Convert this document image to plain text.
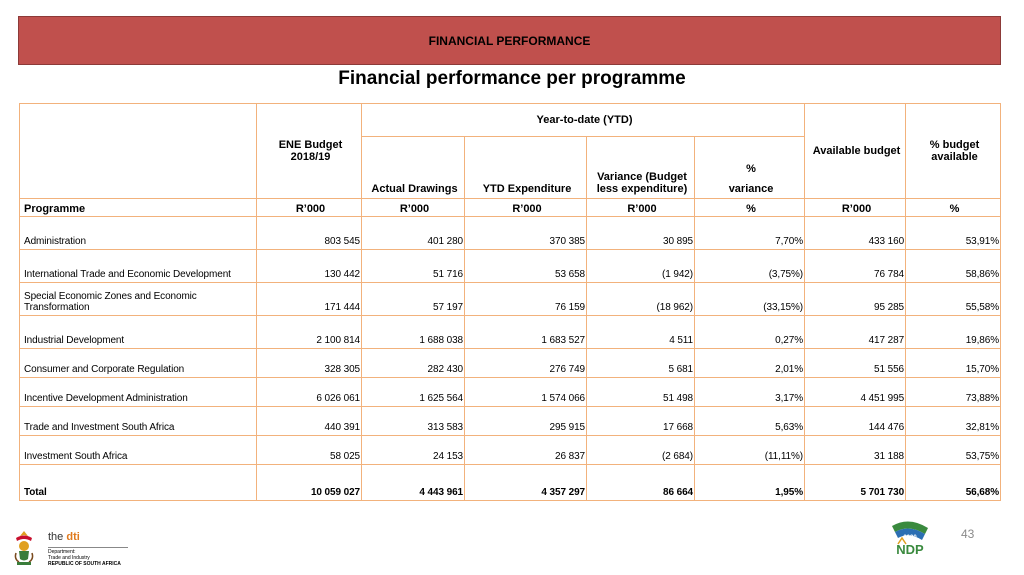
FINANCIAL PERFORMANCE
Financial performance per programme
	ENE Budget 2018/19	Year-to-date (YTD)				Available budget	% budget available
		Actual Drawings	YTD Expenditure	Variance (Budget less expenditure)	%
variance		

Programme	R’000	R’000	R’000	R’000	%	R’000	%
Administration	803 545	401 280	370 385	30 895	7,70%	433 160	53,91%
International Trade and Economic Development	130 442	51 716	53 658	(1 942)	(3,75%)	76 784	58,86%
Special Economic Zones and Economic Transformation	171 444	57 197	76 159	(18 962)	(33,15%)	95 285	55,58%
Industrial Development	2 100 814	1 688 038	1 683 527	4 511	0,27%	417 287	19,86%
Consumer and Corporate Regulation	328 305	282 430	276 749	5 681	2,01%	51 556	15,70%
Incentive Development Administration	6 026 061	1 625 564	1 574 066	51 498	3,17%	4 451 995	73,88%
Trade and Investment South Africa	440 391	313 583	295 915	17 668	5,63%	144 476	32,81%
Investment South Africa	58 025	24 153	26 837	(2 684)	(11,11%)	31 188	53,75%
Total	10 059 027	4 443 961	4 357 297	86 664	1,95%	5 701 730	56,68%
the dti
Department:
Trade and Industry
REPUBLIC OF SOUTH AFRICA
2030
NDP
43
